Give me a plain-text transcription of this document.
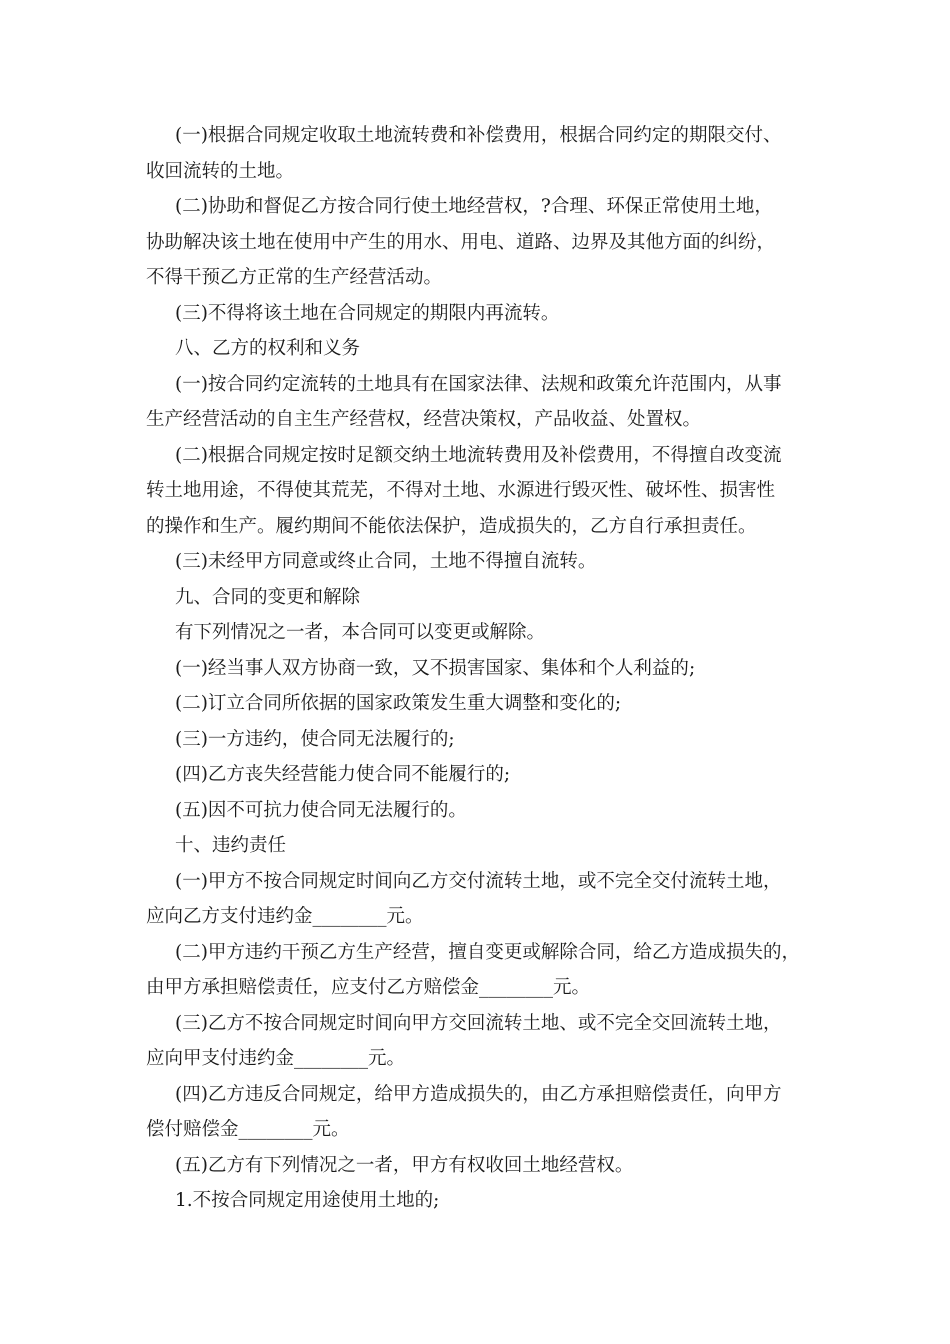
(一)根据合同规定收取土地流转费和补偿费用，根据合同约定的期限交付、
收回流转的土地。
(二)协助和督促乙方按合同行使土地经营权，?合理、环保正常使用土地，
协助解决该土地在使用中产生的用水、用电、道路、边界及其他方面的纠纷，
不得干预乙方正常的生产经营活动。
(三)不得将该土地在合同规定的期限内再流转。
八、乙方的权利和义务
(一)按合同约定流转的土地具有在国家法律、法规和政策允许范围内，从事
生产经营活动的自主生产经营权，经营决策权，产品收益、处置权。
(二)根据合同规定按时足额交纳土地流转费用及补偿费用，不得擅自改变流
转土地用途，不得使其荒芜，不得对土地、水源进行毁灭性、破坏性、损害性
的操作和生产。履约期间不能依法保护，造成损失的，乙方自行承担责任。
(三)未经甲方同意或终止合同，土地不得擅自流转。
九、合同的变更和解除
有下列情况之一者，本合同可以变更或解除。
(一)经当事人双方协商一致，又不损害国家、集体和个人利益的;
(二)订立合同所依据的国家政策发生重大调整和变化的;
(三)一方违约，使合同无法履行的;
(四)乙方丧失经营能力使合同不能履行的;
(五)因不可抗力使合同无法履行的。
十、违约责任
(一)甲方不按合同规定时间向乙方交付流转土地，或不完全交付流转土地，
应向乙方支付违约金________元。
(二)甲方违约干预乙方生产经营，擅自变更或解除合同，给乙方造成损失的，
由甲方承担赔偿责任，应支付乙方赔偿金________元。
(三)乙方不按合同规定时间向甲方交回流转土地、或不完全交回流转土地，
应向甲支付违约金________元。
(四)乙方违反合同规定，给甲方造成损失的，由乙方承担赔偿责任，向甲方
偿付赔偿金________元。
(五)乙方有下列情况之一者，甲方有权收回土地经营权。
1.不按合同规定用途使用土地的;
